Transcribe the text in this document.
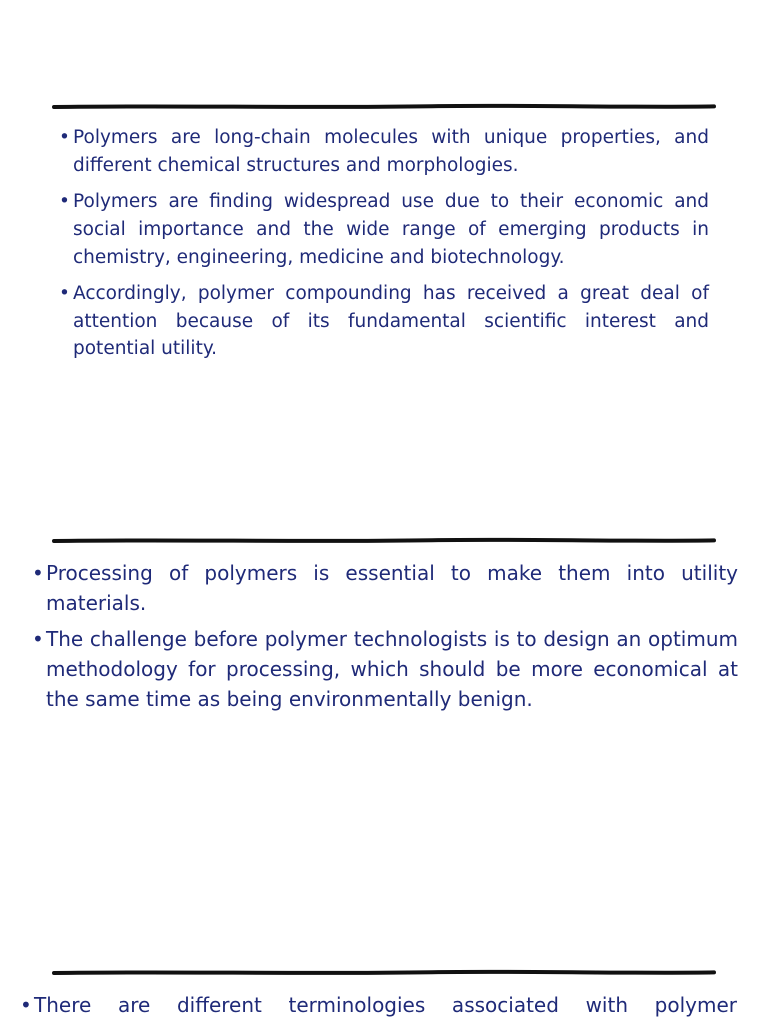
• Polymers are long-chain molecules with unique properties, and different chemical structures and morphologies.
• Polymers are finding widespread use due to their economic and social importance and the wide range of emerging products in chemistry, engineering, medicine and biotechnology.
• Accordingly, polymer compounding has received a great deal of attention because of its fundamental scientific interest and potential utility.
• Processing of polymers is essential to make them into utility materials.
• The challenge before polymer technologists is to design an optimum methodology for processing, which should be more economical at the same time as being environmentally benign.
• There are different terminologies associated with polymer
